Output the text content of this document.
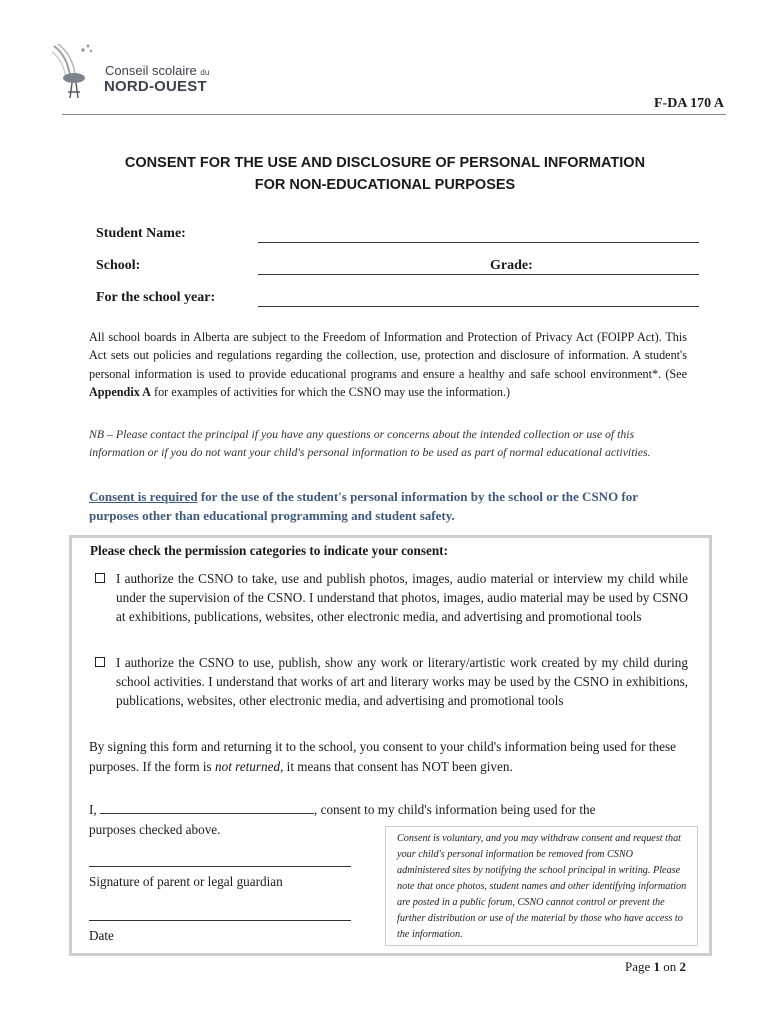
Conseil scolaire du
NORD-OUEST
F-DA 170 A
CONSENT FOR THE USE AND DISCLOSURE OF PERSONAL INFORMATION
FOR NON-EDUCATIONAL PURPOSES
Student Name:
School:	Grade:
For the school year:
All school boards in Alberta are subject to the Freedom of Information and Protection of Privacy Act (FOIPP Act). This Act sets out policies and regulations regarding the collection, use, protection and disclosure of information. A student's personal information is used to provide educational programs and ensure a healthy and safe school environment*. (See Appendix A for examples of activities for which the CSNO may use the information.)
NB – Please contact the principal if you have any questions or concerns about the intended collection or use of this information or if you do not want your child's personal information to be used as part of normal educational activities.
Consent is required for the use of the student's personal information by the school or the CSNO for purposes other than educational programming and student safety.
Please check the permission categories to indicate your consent:
I authorize the CSNO to take, use and publish photos, images, audio material or interview my child while under the supervision of the CSNO. I understand that photos, images, audio material may be used by CSNO at exhibitions, publications, websites, other electronic media, and advertising and promotional tools
I authorize the CSNO to use, publish, show any work or literary/artistic work created by my child during school activities. I understand that works of art and literary works may be used by the CSNO in exhibitions, publications, websites, other electronic media, and advertising and promotional tools
By signing this form and returning it to the school, you consent to your child's information being used for these purposes. If the form is not returned, it means that consent has NOT been given.
I,	, consent to my child's information being used for the
purposes checked above.
Signature of parent or legal guardian
Date
Consent is voluntary, and you may withdraw consent and request that your child's personal information be removed from CSNO administered sites by notifying the school principal in writing. Please note that once photos, student names and other identifying information are posted in a public forum, CSNO cannot control or prevent the further distribution or use of the material by those who have access to the information.
Page 1 on 2
